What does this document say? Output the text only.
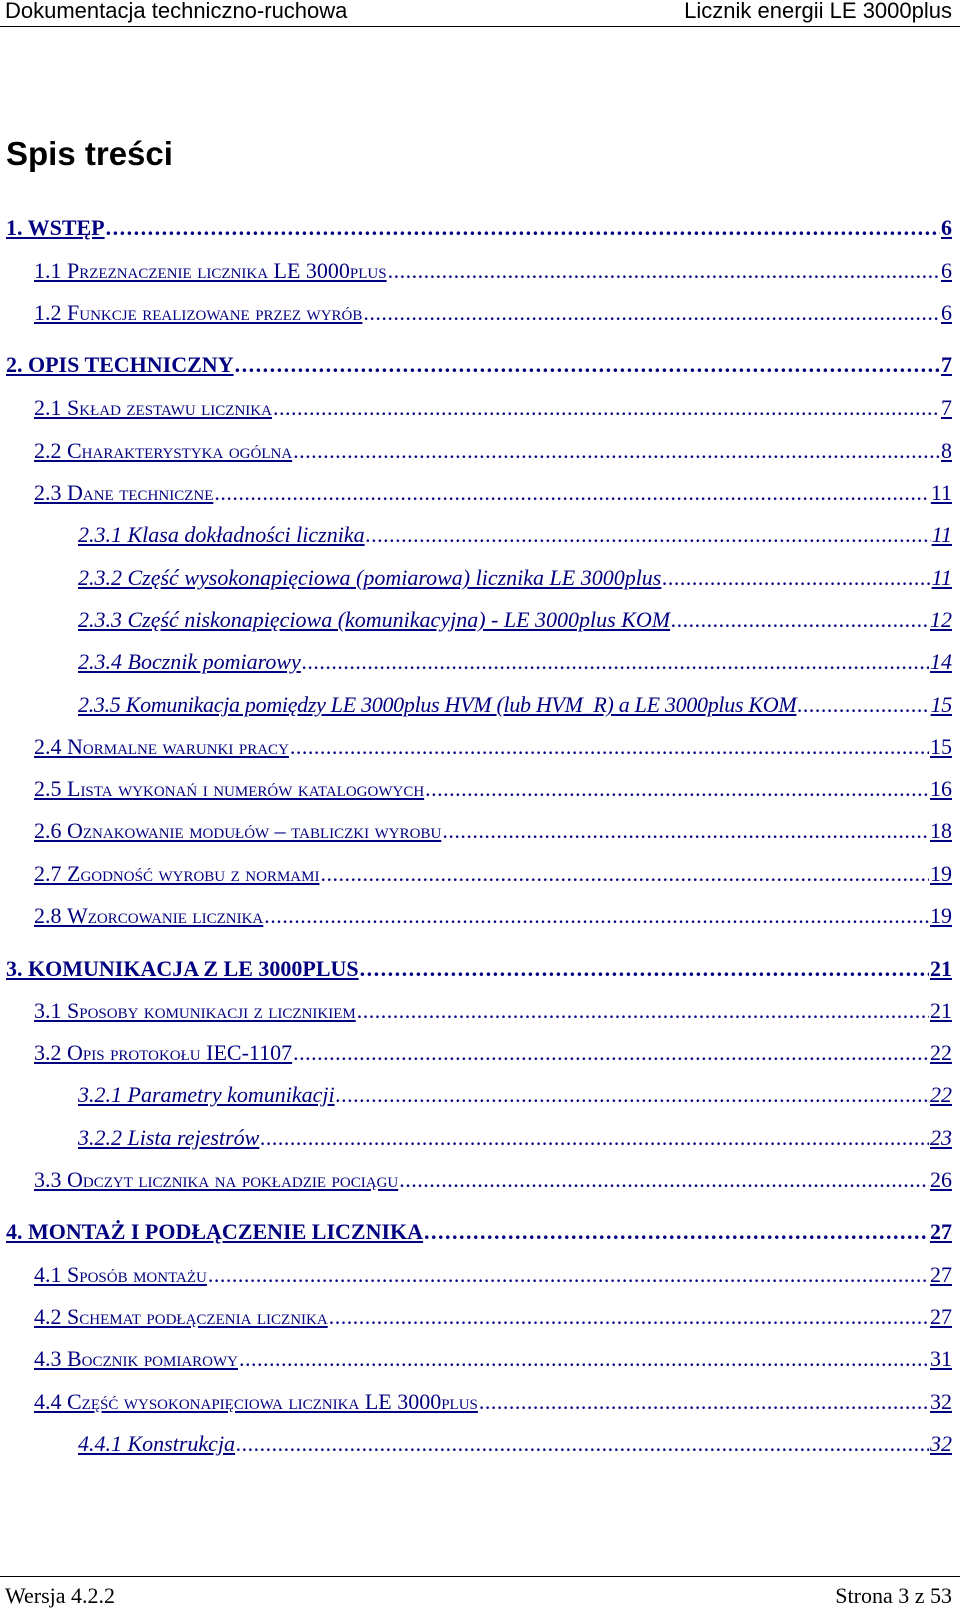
Dokumentacja techniczno-ruchowa	Licznik energii LE 3000plus
Spis treści
1. WSTĘP . . .	6
1.1 Przeznaczenie licznika LE 3000plus . . .	6
1.2 Funkcje realizowane przez wyrób . . .	6
2. OPIS TECHNICZNY . . .	7
2.1 Skład zestawu licznika . . .	7
2.2 Charakterystyka ogólna . . .	8
2.3 Dane techniczne . . .	11
2.3.1 Klasa dokładności licznika . . .	11
2.3.2 Część wysokonapięciowa (pomiarowa) licznika LE 3000plus . . .	11
2.3.3 Część niskonapięciowa (komunikacyjna) - LE 3000plus KOM . . .	12
2.3.4 Bocznik pomiarowy . . .	14
2.3.5 Komunikacja pomiędzy LE 3000plus HVM (lub HVM_R) a LE 3000plus KOM . . .	15
2.4 Normalne warunki pracy . . .	15
2.5 Lista wykonań i numerów katalogowych . . .	16
2.6 Oznakowanie modułów – tabliczki wyrobu . . .	18
2.7 Zgodność wyrobu z normami . . .	19
2.8 Wzorcowanie licznika . . .	19
3. KOMUNIKACJA Z LE 3000PLUS . . .	21
3.1 Sposoby komunikacji z licznikiem . . .	21
3.2 Opis protokołu IEC-1107 . . .	22
3.2.1 Parametry komunikacji . . .	22
3.2.2 Lista rejestrów . . .	23
3.3 Odczyt licznika na pokładzie pociągu . . .	26
4. MONTAŻ I PODŁĄCZENIE LICZNIKA . . .	27
4.1 Sposób montażu . . .	27
4.2 Schemat podłączenia licznika . . .	27
4.3 Bocznik pomiarowy . . .	31
4.4 Część wysokonapięciowa licznika LE 3000plus . . .	32
4.4.1 Konstrukcja . . .	32
Wersja 4.2.2	Strona 3 z 53
